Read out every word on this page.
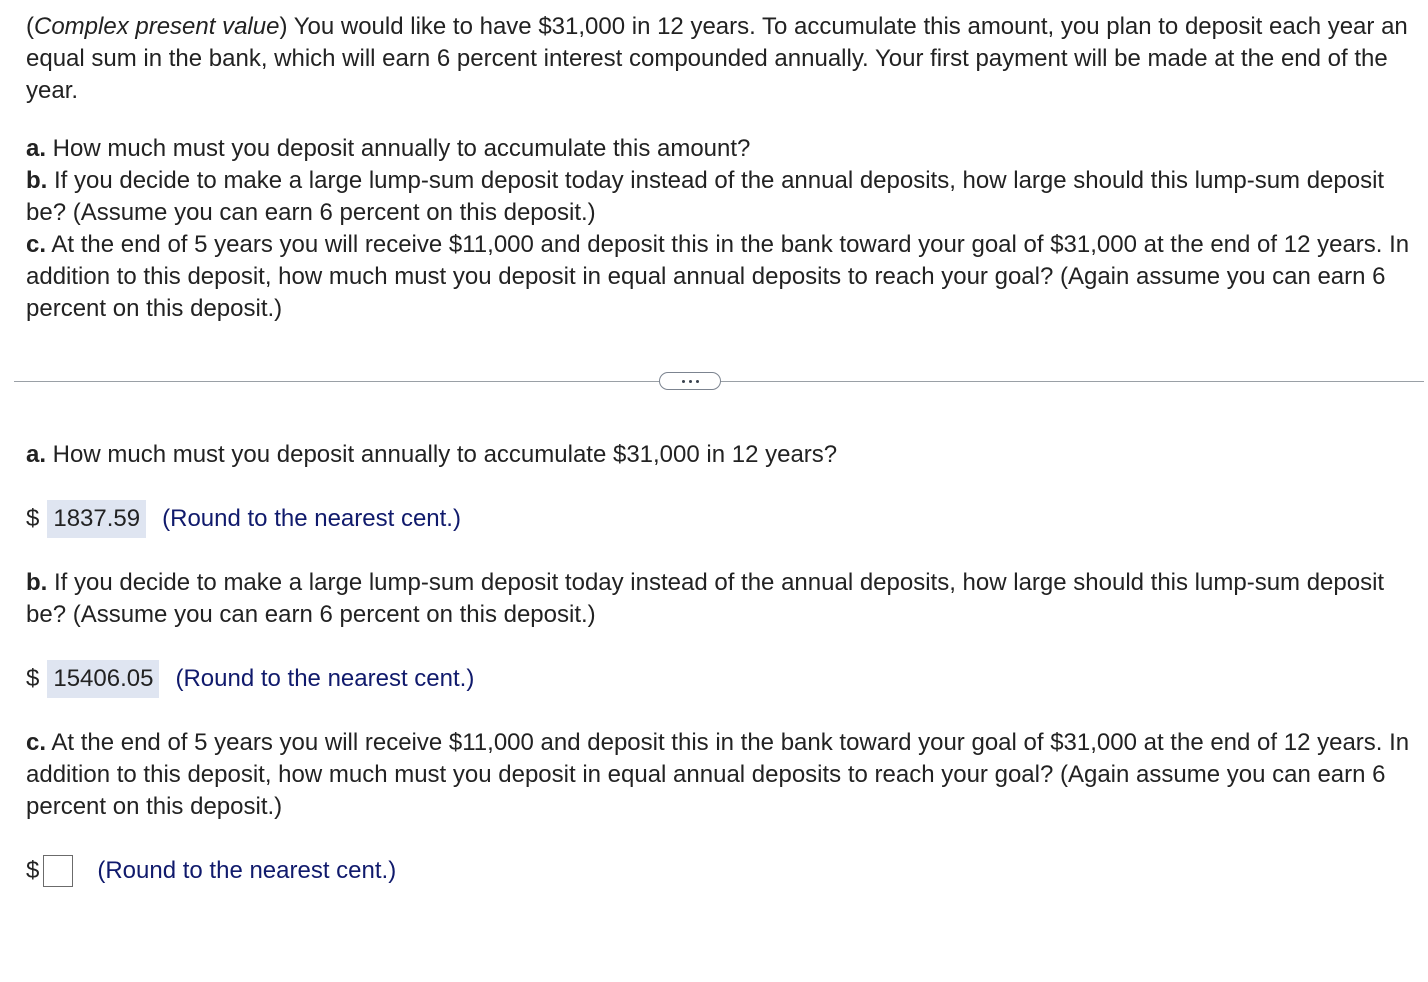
(Complex present value) You would like to have $31,000 in 12 years. To accumulate this amount, you plan to deposit each year an equal sum in the bank, which will earn 6 percent interest compounded annually. Your first payment will be made at the end of the year.
a. How much must you deposit annually to accumulate this amount?
b. If you decide to make a large lump-sum deposit today instead of the annual deposits, how large should this lump-sum deposit be? (Assume you can earn 6 percent on this deposit.)
c. At the end of 5 years you will receive $11,000 and deposit this in the bank toward your goal of $31,000 at the end of 12 years. In addition to this deposit, how much must you deposit in equal annual deposits to reach your goal? (Again assume you can earn 6 percent on this deposit.)
a. How much must you deposit annually to accumulate $31,000 in 12 years?
$ 1837.59 (Round to the nearest cent.)
b. If you decide to make a large lump-sum deposit today instead of the annual deposits, how large should this lump-sum deposit be? (Assume you can earn 6 percent on this deposit.)
$ 15406.05 (Round to the nearest cent.)
c. At the end of 5 years you will receive $11,000 and deposit this in the bank toward your goal of $31,000 at the end of 12 years. In addition to this deposit, how much must you deposit in equal annual deposits to reach your goal? (Again assume you can earn 6 percent on this deposit.)
$ (Round to the nearest cent.)
